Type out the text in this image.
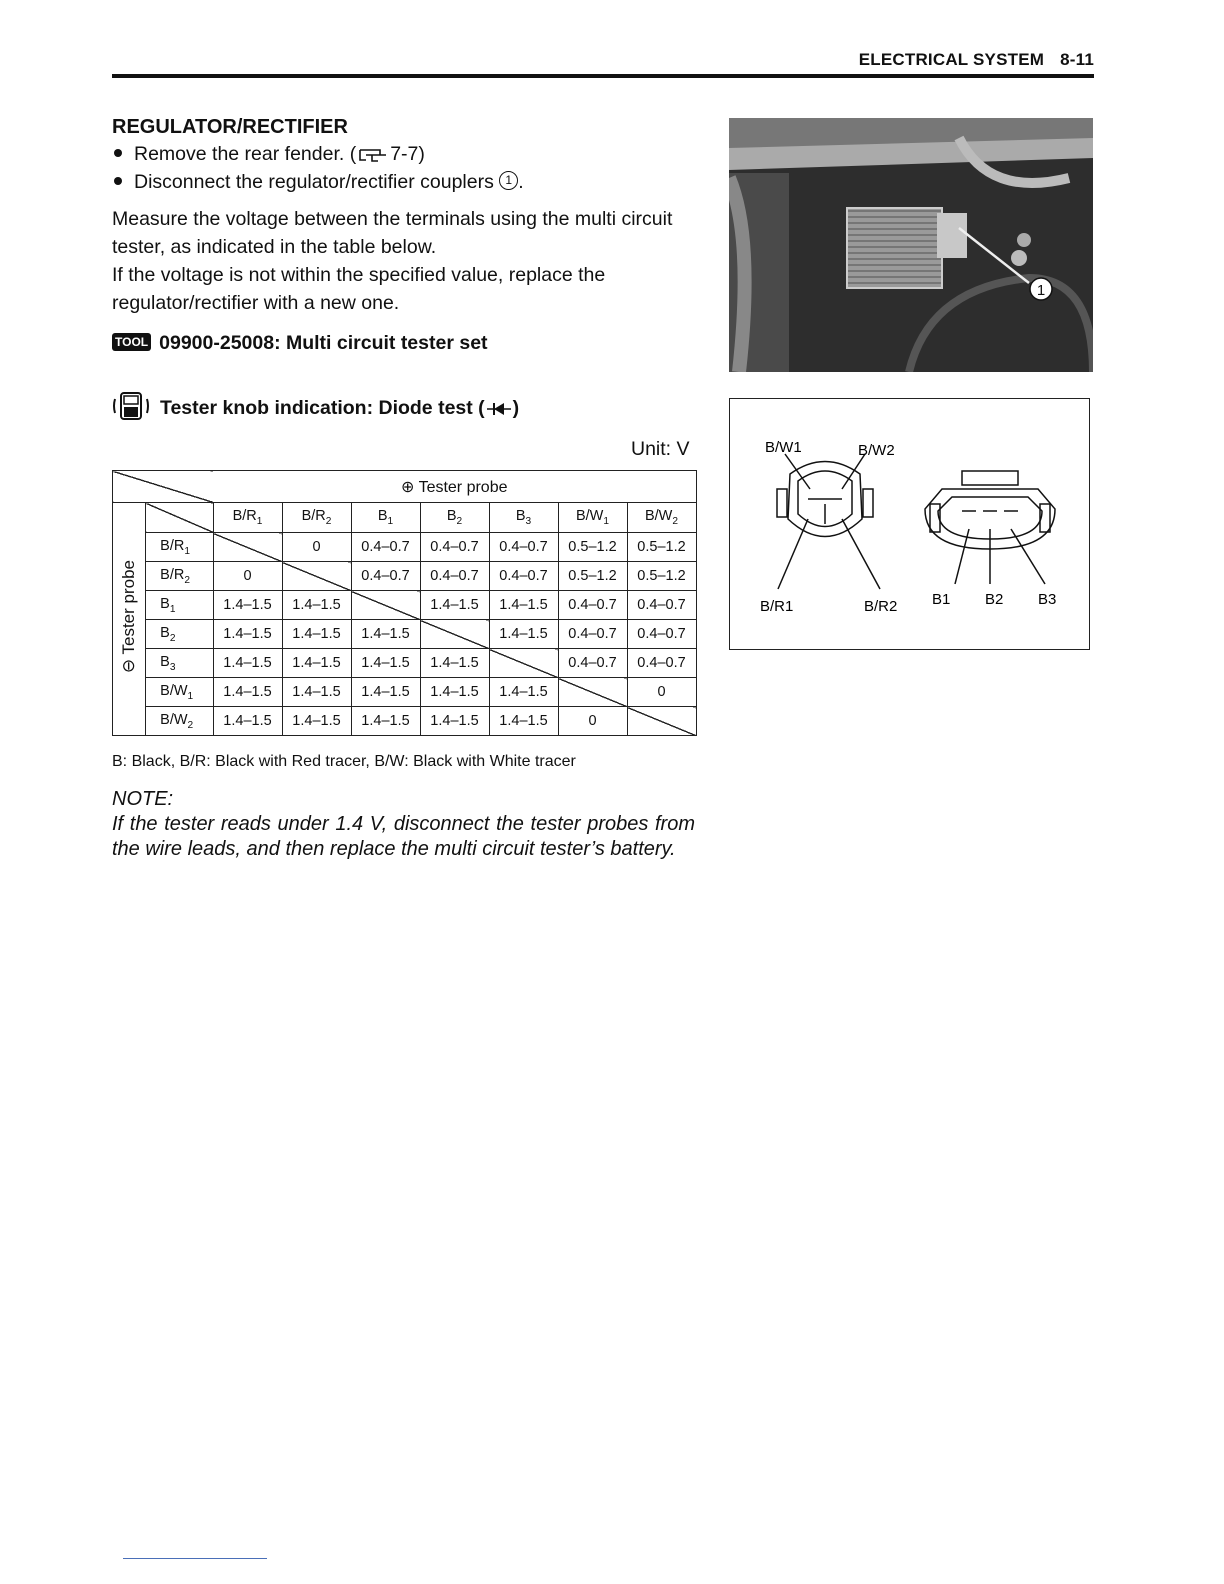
ELECTRICAL SYSTEM 8-11
REGULATOR/RECTIFIER
Remove the rear fender. ( 7-7)
Disconnect the regulator/rectifier couplers 1 .
Measure the voltage between the terminals using the multi circuit tester, as indicated in the table below.
If the voltage is not within the specified value, replace the regulator/rectifier with a new one.
TOOL 09900-25008: Multi circuit tester set
Tester knob indication: Diode test ( )
Unit: V
		⊕ Tester probe						
⊖ Tester probe		$B/R_1$	$B/R_2$	$B_1$	$B_2$	$B_3$	$B/W_1$	$B/W_2$
	$B/R_1$		0	0.4–0.7	0.4–0.7	0.4–0.7	0.5–1.2	0.5–1.2
	$B/R_2$	0		0.4–0.7	0.4–0.7	0.4–0.7	0.5–1.2	0.5–1.2
	$B_1$	1.4–1.5	1.4–1.5		1.4–1.5	1.4–1.5	0.4–0.7	0.4–0.7
	$B_2$	1.4–1.5	1.4–1.5	1.4–1.5		1.4–1.5	0.4–0.7	0.4–0.7
	$B_3$	1.4–1.5	1.4–1.5	1.4–1.5	1.4–1.5		0.4–0.7	0.4–0.7
	$B/W_1$	1.4–1.5	1.4–1.5	1.4–1.5	1.4–1.5	1.4–1.5		0
	$B/W_2$	1.4–1.5	1.4–1.5	1.4–1.5	1.4–1.5	1.4–1.5	0	
B: Black, B/R: Black with Red tracer, B/W: Black with White tracer
NOTE:
If the tester reads under 1.4 V, disconnect the tester probes from the wire leads, and then replace the multi circuit tester’s battery.
1
B/W1	B/W2
B/R1	B/R2 B1 B2 B3
